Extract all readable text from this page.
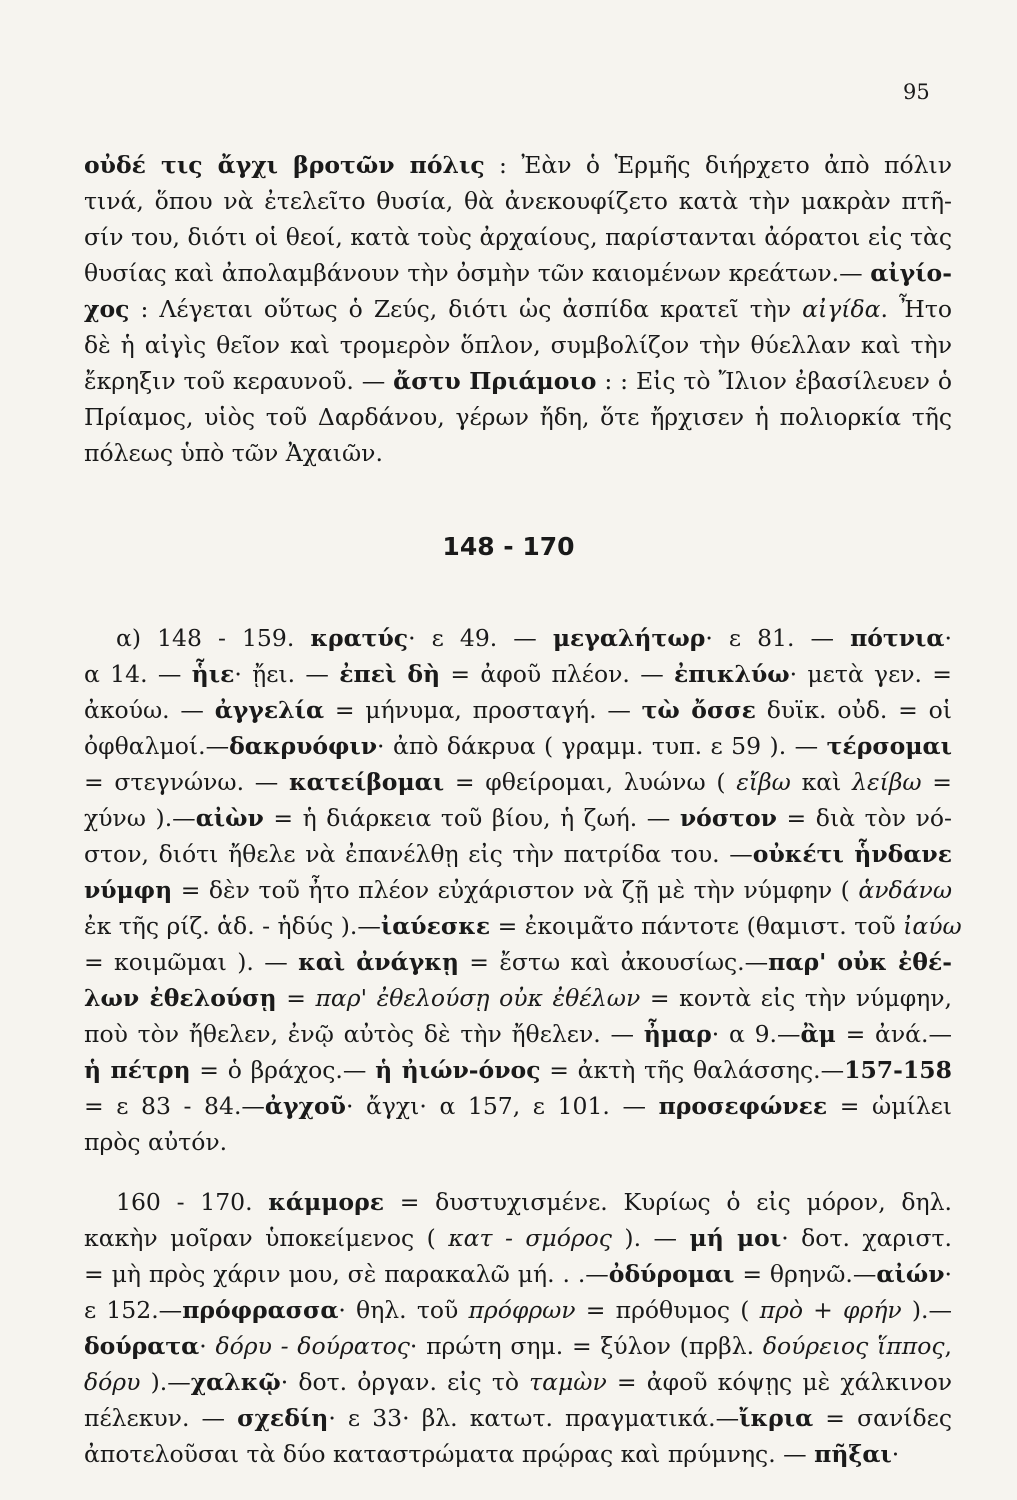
95
οὐδέ τις ἄγχι βροτῶν πόλις : Ἐὰν ὁ Ἑρμῆς διήρχετο ἀπὸ πόλιν
τινά, ὅπου νὰ ἐτελεῖτο θυσία, θὰ ἀνεκουφίζετο κατὰ τὴν μακρὰν πτῆ-
σίν του, διότι οἱ θεοί, κατὰ τοὺς ἀρχαίους, παρίστανται ἀόρατοι εἰς τὰς
θυσίας καὶ ἀπολαμβάνουν τὴν ὀσμὴν τῶν καιομένων κρεάτων.— αἰγίο-
χος : Λέγεται οὕτως ὁ Ζεύς, διότι ὡς ἀσπίδα κρατεῖ τὴν αἰγίδα. Ἦτο
δὲ ἡ αἰγὶς θεῖον καὶ τρομερὸν ὅπλον, συμβολίζον τὴν θύελλαν καὶ τὴν
ἔκρηξιν τοῦ κεραυνοῦ. — ἄστυ Πριάμοιο : : Εἰς τὸ Ἴλιον ἐβασίλευεν ὁ
Πρίαμος, υἱὸς τοῦ Δαρδάνου, γέρων ἤδη, ὅτε ἤρχισεν ἡ πολιορκία τῆς
πόλεως ὑπὸ τῶν Ἀχαιῶν.
148 - 170
α) 148 - 159. κρατύς· ε 49. — μεγαλήτωρ· ε 81. — πότνια·
α 14. — ἧιε· ᾔει. — ἐπεὶ δὴ = ἀφοῦ πλέον. — ἐπικλύω· μετὰ γεν. =
ἀκούω. — ἀγγελία = μήνυμα, προσταγή. — τὼ ὄσσε δυϊκ. οὐδ. = οἱ
ὀφθαλμοί.—δακρυόφιν· ἀπὸ δάκρυα ( γραμμ. τυπ. ε 59 ). — τέρσομαι
= στεγνώνω. — κατείβομαι = φθείρομαι, λυώνω ( εἴβω καὶ λείβω =
χύνω ).—αἰὼν = ἡ διάρκεια τοῦ βίου, ἡ ζωή. — νόστον = διὰ τὸν νό-
στον, διότι ἤθελε νὰ ἐπανέλθῃ εἰς τὴν πατρίδα του. —οὐκέτι ἧνδανε
νύμφη = δὲν τοῦ ἦτο πλέον εὐχάριστον νὰ ζῇ μὲ τὴν νύμφην ( ἁνδάνω
ἐκ τῆς ρίζ. ἁδ. - ἡδύς ).—ἰαύεσκε = ἐκοιμᾶτο πάντοτε (θαμιστ. τοῦ ἰαύω
= κοιμῶμαι ). — καὶ ἀνάγκῃ = ἔστω καὶ ἀκουσίως.—παρ' οὐκ ἐθέ-
λων ἐθελούσῃ = παρ' ἐθελούσῃ οὐκ ἐθέλων = κοντὰ εἰς τὴν νύμφην,
ποὺ τὸν ἤθελεν, ἐνῷ αὐτὸς δὲ τὴν ἤθελεν. — ἦμαρ· α 9.—ἂμ = ἀνά.—
ἡ πέτρη = ὁ βράχος.— ἡ ἠιών-όνος = ἀκτὴ τῆς θαλάσσης.—157-158
= ε 83 - 84.—ἀγχοῦ· ἄγχι· α 157, ε 101. — προσεφώνεε = ὡμίλει
πρὸς αὐτόν.
160 - 170. κάμμορε = δυστυχισμένε. Κυρίως ὁ εἰς μόρον, δηλ.
κακὴν μοῖραν ὑποκείμενος ( κατ - σμόρος ). — μή μοι· δοτ. χαριστ.
= μὴ πρὸς χάριν μου, σὲ παρακαλῶ μή. . .—ὀδύρομαι = θρηνῶ.—αἰών·
ε 152.—πρόφρασσα· θηλ. τοῦ πρόφρων = πρόθυμος ( πρὸ + φρήν ).—
δούρατα· δόρυ - δούρατος· πρώτη σημ. = ξύλον (πρβλ. δούρειος ἵππος,
δόρυ ).—χαλκῷ· δοτ. ὀργαν. εἰς τὸ ταμὼν = ἀφοῦ κόψῃς μὲ χάλκινον
πέλεκυν. — σχεδίη· ε 33· βλ. κατωτ. πραγματικά.—ἴκρια = σανίδες
ἀποτελοῦσαι τὰ δύο καταστρώματα πρῴρας καὶ πρύμνης. — πῆξαι·
